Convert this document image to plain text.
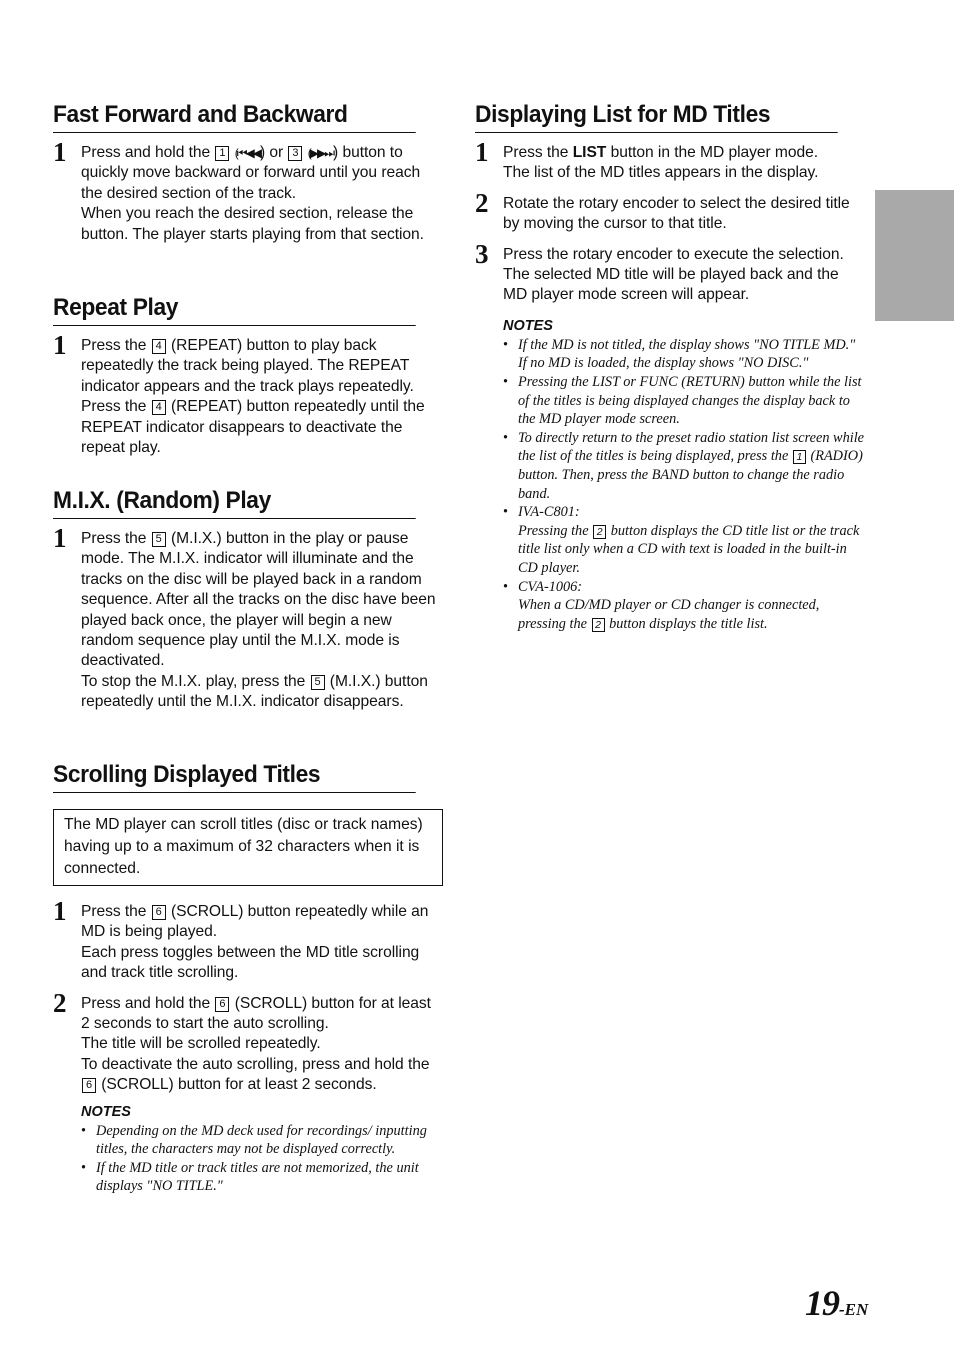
Fast Forward and Backward
1 Press and hold the 1 (⏮◀◀) or 3 (▶▶⏭) button to quickly move backward or forward until you reach the desired section of the track.
When you reach the desired section, release the button. The player starts playing from that section.

Repeat Play
1 Press the 4 (REPEAT) button to play back repeatedly the track being played. The REPEAT indicator appears and the track plays repeatedly.
Press the 4 (REPEAT) button repeatedly until the REPEAT indicator disappears to deactivate the repeat play.

M.I.X. (Random) Play
1 Press the 5 (M.I.X.) button in the play or pause mode. The M.I.X. indicator will illuminate and the tracks on the disc will be played back in a random sequence. After all the tracks on the disc have been played back once, the player will begin a new random sequence play until the M.I.X. mode is deactivated.
To stop the M.I.X. play, press the 5 (M.I.X.) button repeatedly until the M.I.X. indicator disappears.

Scrolling Displayed Titles
The MD player can scroll titles (disc or track names) having up to a maximum of 32 characters when it is connected.
1 Press the 6 (SCROLL) button repeatedly while an MD is being played.
Each press toggles between the MD title scrolling and track title scrolling.

2 Press and hold the 6 (SCROLL) button for at least 2 seconds to start the auto scrolling.
The title will be scrolled repeatedly.
To deactivate the auto scrolling, press and hold the 6 (SCROLL) button for at least 2 seconds.

NOTES
• Depending on the MD deck used for recordings/ inputting titles, the characters may not be displayed correctly.
• If the MD title or track titles are not memorized, the unit displays "NO TITLE."
Displaying List for MD Titles
1 Press the LIST button in the MD player mode.
The list of the MD titles appears in the display.

2 Rotate the rotary encoder to select the desired title by moving the cursor to that title.

3 Press the rotary encoder to execute the selection.
The selected MD title will be played back and the MD player mode screen will appear.

NOTES
• If the MD is not titled, the display shows "NO TITLE MD." If no MD is loaded, the display shows "NO DISC."
• Pressing the LIST or FUNC (RETURN) button while the list of the titles is being displayed changes the display back to the MD player mode screen.
• To directly return to the preset radio station list screen while the list of the titles is being displayed, press the 1 (RADIO) button. Then, press the BAND button to change the radio band.
• IVA-C801:
Pressing the 2 button displays the CD title list or the track title list only when a CD with text is loaded in the built-in CD player.
• CVA-1006:
When a CD/MD player or CD changer is connected, pressing the 2 button displays the title list.
19-EN
